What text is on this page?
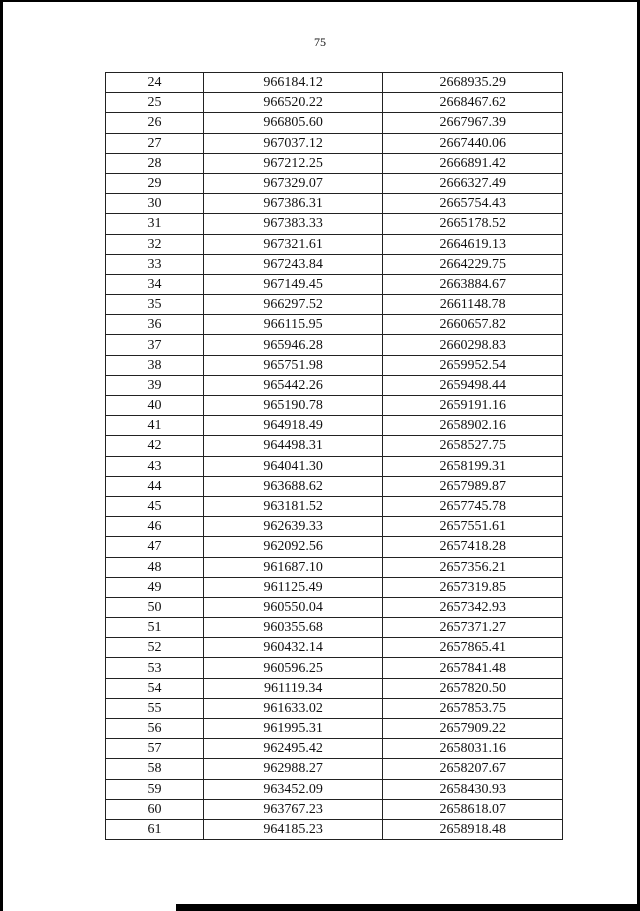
75
24	966184.12	2668935.29
25	966520.22	2668467.62
26	966805.60	2667967.39
27	967037.12	2667440.06
28	967212.25	2666891.42
29	967329.07	2666327.49
30	967386.31	2665754.43
31	967383.33	2665178.52
32	967321.61	2664619.13
33	967243.84	2664229.75
34	967149.45	2663884.67
35	966297.52	2661148.78
36	966115.95	2660657.82
37	965946.28	2660298.83
38	965751.98	2659952.54
39	965442.26	2659498.44
40	965190.78	2659191.16
41	964918.49	2658902.16
42	964498.31	2658527.75
43	964041.30	2658199.31
44	963688.62	2657989.87
45	963181.52	2657745.78
46	962639.33	2657551.61
47	962092.56	2657418.28
48	961687.10	2657356.21
49	961125.49	2657319.85
50	960550.04	2657342.93
51	960355.68	2657371.27
52	960432.14	2657865.41
53	960596.25	2657841.48
54	961119.34	2657820.50
55	961633.02	2657853.75
56	961995.31	2657909.22
57	962495.42	2658031.16
58	962988.27	2658207.67
59	963452.09	2658430.93
60	963767.23	2658618.07
61	964185.23	2658918.48
